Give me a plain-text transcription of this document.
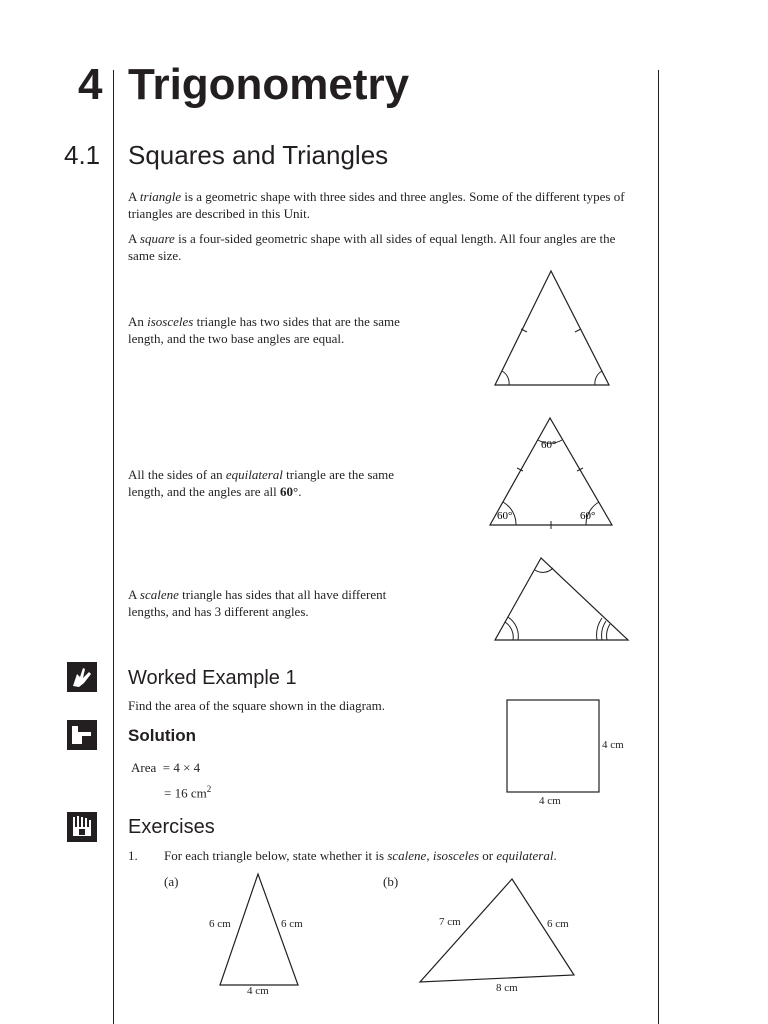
4 Trigonometry
4.1 Squares and Triangles
A triangle is a geometric shape with three sides and three angles. Some of the different types of triangles are described in this Unit.
A square is a four-sided geometric shape with all sides of equal length. All four angles are the same size.
An isosceles triangle has two sides that are the same length, and the two base angles are equal.
All the sides of an equilateral triangle are the same length, and the angles are all 60°.
60°
60°	60°
A scalene triangle has sides that all have different lengths, and has 3 different angles.
Worked Example 1
Find the area of the square shown in the diagram.
Solution
Area = 4 × 4
= 16 $cm^2$
4 cm
4 cm
Exercises
1. For each triangle below, state whether it is scalene, isosceles or equilateral.
(a)
6 cm	6 cm
4 cm
(b)
7 cm	6 cm
8 cm
